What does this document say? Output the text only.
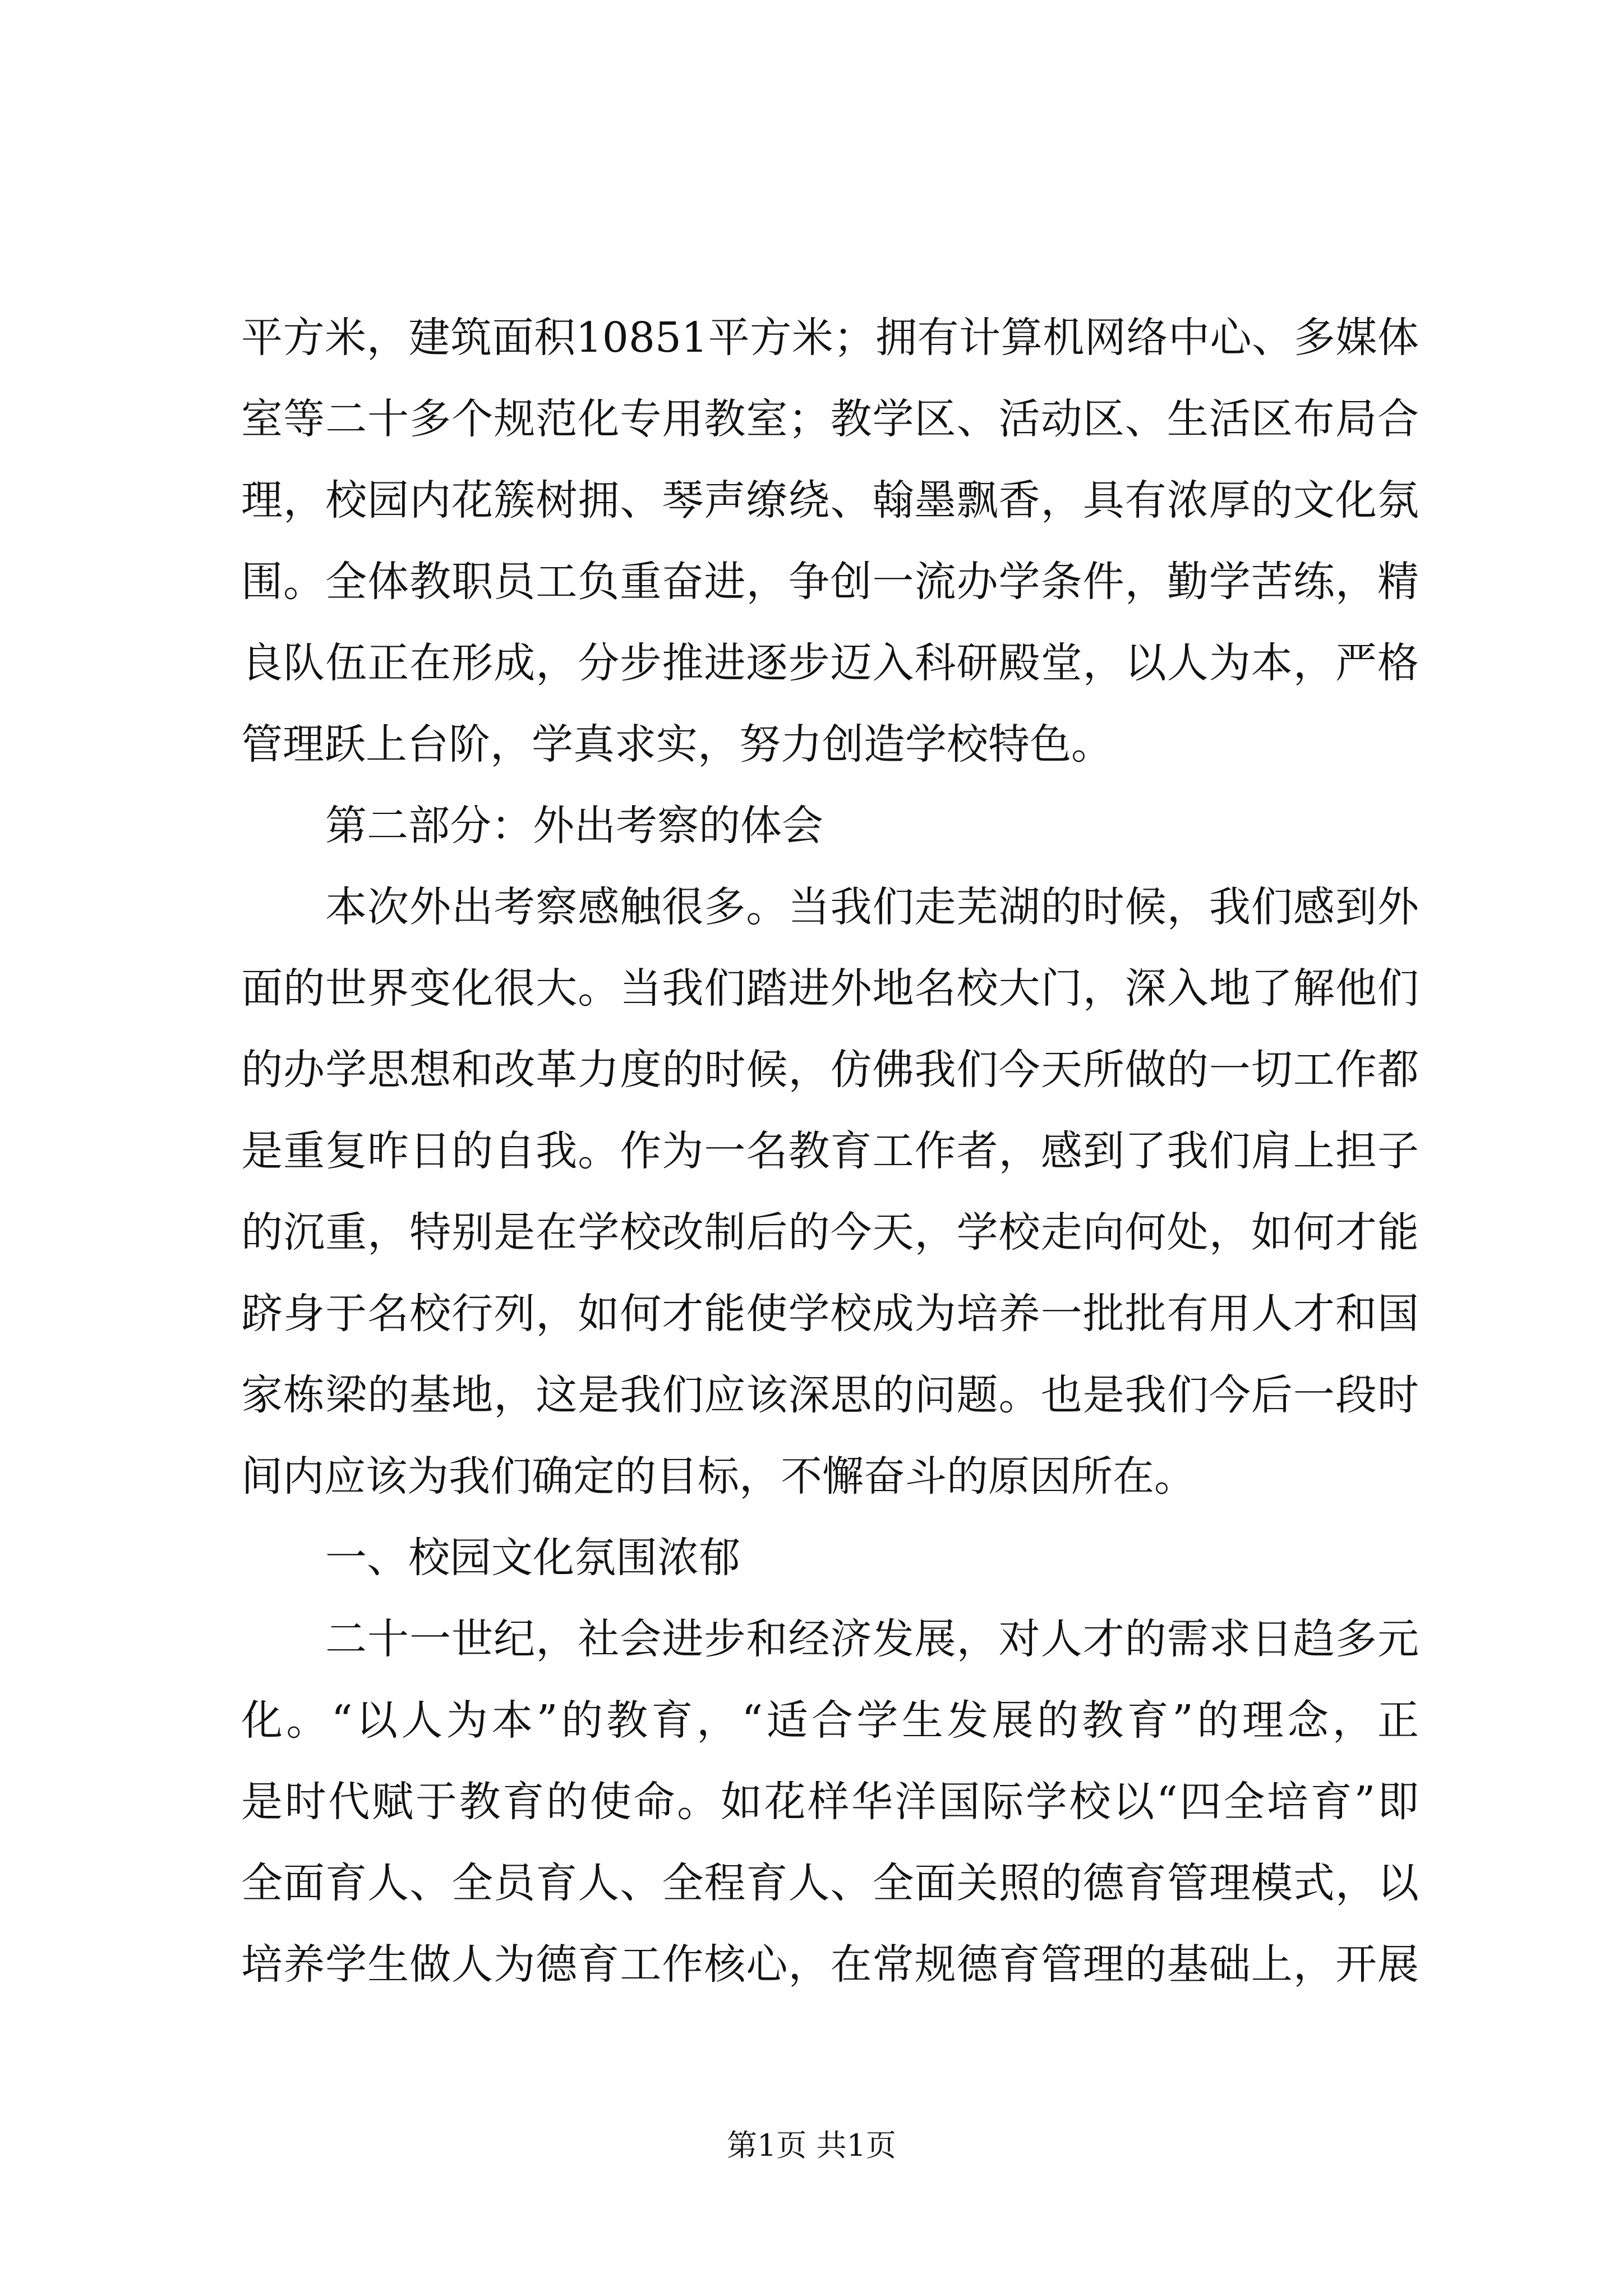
平方米，建筑面积10851平方米；拥有计算机网络中心、多媒体
室等二十多个规范化专用教室；教学区、活动区、生活区布局合
理，校园内花簇树拥、琴声缭绕、翰墨飘香，具有浓厚的文化氛
围。全体教职员工负重奋进，争创一流办学条件，勤学苦练，精
良队伍正在形成，分步推进逐步迈入科研殿堂，以人为本，严格
管理跃上台阶，学真求实，努力创造学校特色。
第二部分：外出考察的体会
本次外出考察感触很多。当我们走芜湖的时候，我们感到外
面的世界变化很大。当我们踏进外地名校大门，深入地了解他们
的办学思想和改革力度的时候，仿佛我们今天所做的一切工作都
是重复昨日的自我。作为一名教育工作者，感到了我们肩上担子
的沉重，特别是在学校改制后的今天，学校走向何处，如何才能
跻身于名校行列，如何才能使学校成为培养一批批有用人才和国
家栋梁的基地，这是我们应该深思的问题。也是我们今后一段时
间内应该为我们确定的目标，不懈奋斗的原因所在。
一、校园文化氛围浓郁
二十一世纪，社会进步和经济发展，对人才的需求日趋多元
化。“以人为本”的教育，“适合学生发展的教育”的理念，正
是时代赋于教育的使命。如花样华洋国际学校以“四全培育”即
全面育人、全员育人、全程育人、全面关照的德育管理模式，以
培养学生做人为德育工作核心，在常规德育管理的基础上，开展
第1页 共1页
